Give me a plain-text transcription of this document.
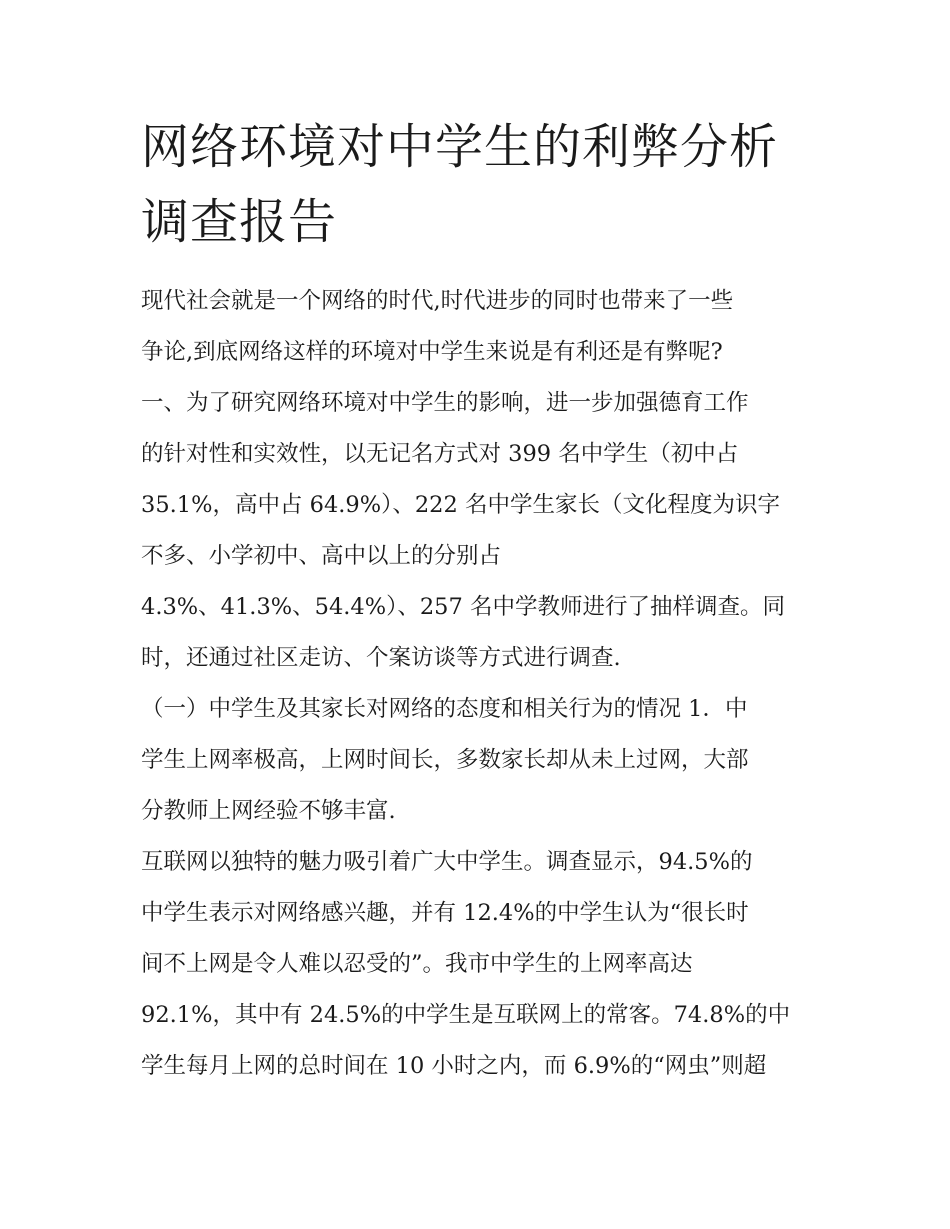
网络环境对中学生的利弊分析
调查报告
现代社会就是一个网络的时代,时代进步的同时也带来了一些
争论,到底网络这样的环境对中学生来说是有利还是有弊呢?
一、为了研究网络环境对中学生的影响，进一步加强德育工作
的针对性和实效性，以无记名方式对 399 名中学生（初中占
35.1%，高中占 64.9%）、222 名中学生家长（文化程度为识字
不多、小学初中、高中以上的分别占
4.3%、41.3%、54.4%）、257 名中学教师进行了抽样调查。同
时，还通过社区走访、个案访谈等方式进行调查.
（一）中学生及其家长对网络的态度和相关行为的情况 1．中
学生上网率极高，上网时间长，多数家长却从未上过网，大部
分教师上网经验不够丰富.
互联网以独特的魅力吸引着广大中学生。调查显示，94.5%的
中学生表示对网络感兴趣，并有 12.4%的中学生认为“很长时
间不上网是令人难以忍受的”。我市中学生的上网率高达
92.1%，其中有 24.5%的中学生是互联网上的常客。74.8%的中
学生每月上网的总时间在 10 小时之内，而 6.9%的“网虫”则超
